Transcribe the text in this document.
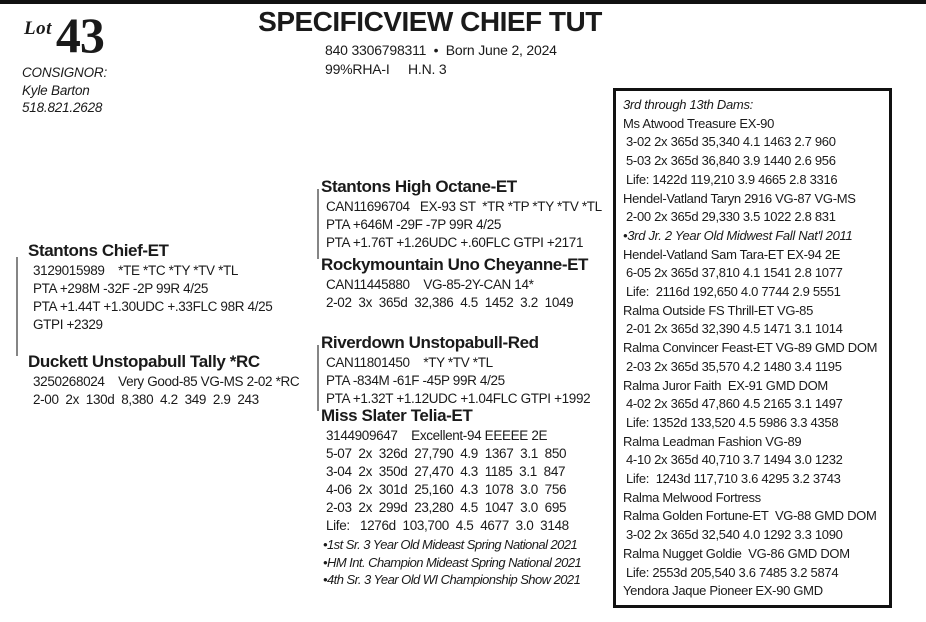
Lot 43
CONSIGNOR:
Kyle Barton
518.821.2628
SPECIFICVIEW CHIEF TUT
840 3306798311  •  Born June 2, 2024
99%RHA-I     H.N. 3
Stantons Chief-ET
3129015989    *TE *TC *TY *TV *TL
PTA +298M -32F -2P 99R 4/25
PTA +1.44T +1.30UDC +.33FLC 98R 4/25
GTPI +2329
Duckett Unstopabull Tally *RC
3250268024    Very Good-85 VG-MS 2-02 *RC
2-00  2x  130d  8,380  4.2  349  2.9  243
Stantons High Octane-ET
CAN11696704   EX-93 ST  *TR *TP *TY *TV *TL
PTA +646M -29F -7P 99R 4/25
PTA +1.76T +1.26UDC +.60FLC GTPI +2171
Rockymountain Uno Cheyanne-ET
CAN11445880    VG-85-2Y-CAN 14*
2-02  3x  365d  32,386  4.5  1452  3.2  1049
Riverdown Unstopabull-Red
CAN11801450    *TY *TV *TL
PTA -834M -61F -45P 99R 4/25
PTA +1.32T +1.12UDC +1.04FLC GTPI +1992
Miss Slater Telia-ET
3144909647    Excellent-94 EEEEE 2E
5-07  2x  326d  27,790  4.9  1367  3.1  850
3-04  2x  350d  27,470  4.3  1185  3.1  847
4-06  2x  301d  25,160  4.3  1078  3.0  756
2-03  2x  299d  23,280  4.5  1047  3.0  695
Life:   1276d  103,700  4.5  4677  3.0  3148
•1st Sr. 3 Year Old Mideast Spring National 2021
•HM Int. Champion Mideast Spring National 2021
•4th Sr. 3 Year Old WI Championship Show 2021
3rd through 13th Dams:
Ms Atwood Treasure EX-90
3-02 2x 365d 35,340 4.1 1463 2.7 960
5-03 2x 365d 36,840 3.9 1440 2.6 956
Life: 1422d 119,210 3.9 4665 2.8 3316
Hendel-Vatland Taryn 2916 VG-87 VG-MS
2-00 2x 365d 29,330 3.5 1022 2.8 831
•3rd Jr. 2 Year Old Midwest Fall Nat'l 2011
Hendel-Vatland Sam Tara-ET EX-94 2E
6-05 2x 365d 37,810 4.1 1541 2.8 1077
Life:  2116d 192,650 4.0 7744 2.9 5551
Ralma Outside FS Thrill-ET VG-85
2-01 2x 365d 32,390 4.5 1471 3.1 1014
Ralma Convincer Feast-ET VG-89 GMD DOM
2-03 2x 365d 35,570 4.2 1480 3.4 1195
Ralma Juror Faith  EX-91 GMD DOM
4-02 2x 365d 47,860 4.5 2165 3.1 1497
Life: 1352d 133,520 4.5 5986 3.3 4358
Ralma Leadman Fashion VG-89
4-10 2x 365d 40,710 3.7 1494 3.0 1232
Life:  1243d 117,710 3.6 4295 3.2 3743
Ralma Melwood Fortress
Ralma Golden Fortune-ET  VG-88 GMD DOM
3-02 2x 365d 32,540 4.0 1292 3.3 1090
Ralma Nugget Goldie  VG-86 GMD DOM
Life: 2553d 205,540 3.6 7485 3.2 5874
Yendora Jaque Pioneer EX-90 GMD
